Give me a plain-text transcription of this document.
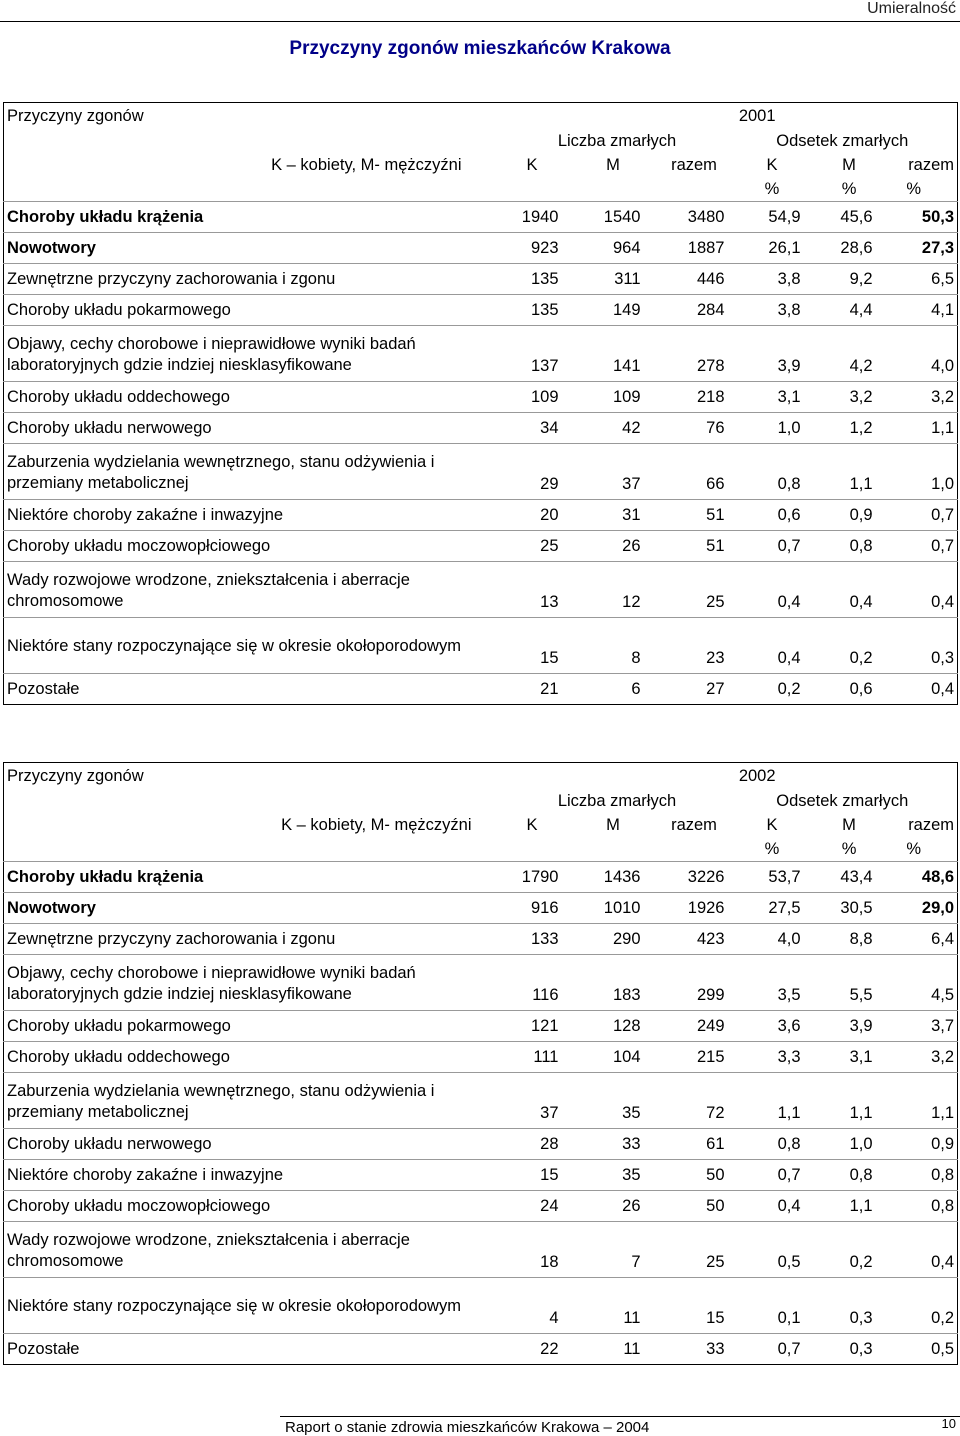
Umieralność
Przyczyny zgonów mieszkańców Krakowa
Przyczyny zgonów	2001					
	Liczba zmarłych			Odsetek zmarłych		
K – kobiety, M- mężczyźni	K	M	razem	K	M	razem
				%	%	%
Choroby układu krążenia	1940	1540	3480	54,9	45,6	50,3
Nowotwory	923	964	1887	26,1	28,6	27,3
Zewnętrzne przyczyny zachorowania i zgonu	135	311	446	3,8	9,2	6,5
Choroby układu pokarmowego	135	149	284	3,8	4,4	4,1
Objawy, cechy chorobowe i nieprawidłowe wyniki badań laboratoryjnych gdzie indziej niesklasyfikowane	137	141	278	3,9	4,2	4,0
Choroby układu oddechowego	109	109	218	3,1	3,2	3,2
Choroby układu nerwowego	34	42	76	1,0	1,2	1,1
Zaburzenia wydzielania wewnętrznego, stanu odżywienia i przemiany metabolicznej	29	37	66	0,8	1,1	1,0
Niektóre choroby zakaźne i inwazyjne	20	31	51	0,6	0,9	0,7
Choroby układu moczowopłciowego	25	26	51	0,7	0,8	0,7
Wady rozwojowe wrodzone, zniekształcenia i aberracje chromosomowe	13	12	25	0,4	0,4	0,4
Niektóre stany rozpoczynające się w okresie okołoporodowym	15	8	23	0,4	0,2	0,3
Pozostałe	21	6	27	0,2	0,6	0,4
Przyczyny zgonów	2002					
	Liczba zmarłych			Odsetek zmarłych		
K – kobiety, M- mężczyźni	K	M	razem	K	M	razem
				%	%	%
Choroby układu krążenia	1790	1436	3226	53,7	43,4	48,6
Nowotwory	916	1010	1926	27,5	30,5	29,0
Zewnętrzne przyczyny zachorowania i zgonu	133	290	423	4,0	8,8	6,4
Objawy, cechy chorobowe i nieprawidłowe wyniki badań laboratoryjnych gdzie indziej niesklasyfikowane	116	183	299	3,5	5,5	4,5
Choroby układu pokarmowego	121	128	249	3,6	3,9	3,7
Choroby układu oddechowego	111	104	215	3,3	3,1	3,2
Zaburzenia wydzielania wewnętrznego, stanu odżywienia i przemiany metabolicznej	37	35	72	1,1	1,1	1,1
Choroby układu nerwowego	28	33	61	0,8	1,0	0,9
Niektóre choroby zakaźne i inwazyjne	15	35	50	0,7	0,8	0,8
Choroby układu moczowopłciowego	24	26	50	0,4	1,1	0,8
Wady rozwojowe wrodzone, zniekształcenia i aberracje chromosomowe	18	7	25	0,5	0,2	0,4
Niektóre stany rozpoczynające się w okresie okołoporodowym	4	11	15	0,1	0,3	0,2
Pozostałe	22	11	33	0,7	0,3	0,5
Raport o stanie zdrowia mieszkańców Krakowa – 2004	10
